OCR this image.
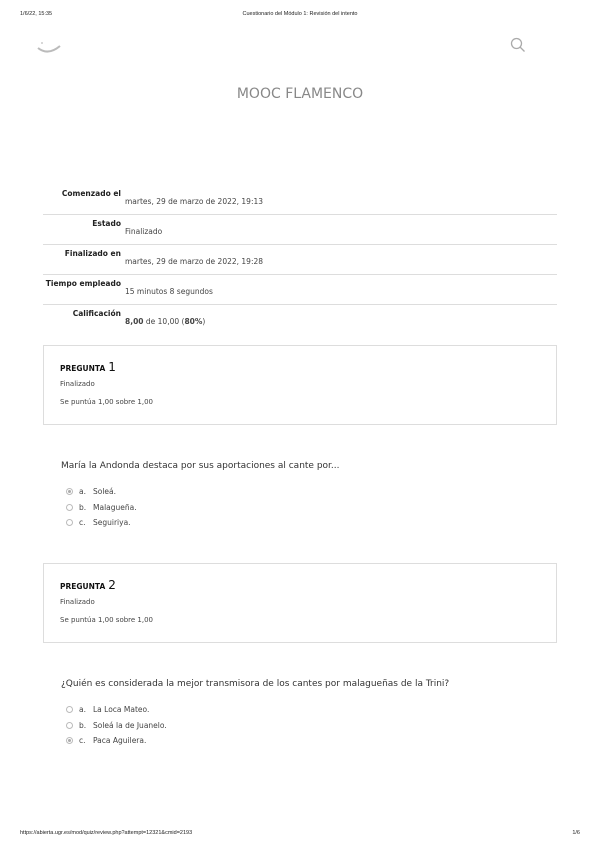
1/6/22, 15:35	Cuestionario del Módulo 1: Revisión del intento
MOOC FLAMENCO
Comenzado el
martes, 29 de marzo de 2022, 19:13
Estado
Finalizado
Finalizado en
martes, 29 de marzo de 2022, 19:28
Tiempo empleado
15 minutos 8 segundos
Calificación
8,00 de 10,00 (80%)
PREGUNTA 1
Finalizado
Se puntúa 1,00 sobre 1,00
María la Andonda destaca por sus aportaciones al cante por...
a. Soleá.
b. Malagueña.
c. Seguiriya.
PREGUNTA 2
Finalizado
Se puntúa 1,00 sobre 1,00
¿Quién es considerada la mejor transmisora de los cantes por malagueñas de la Trini?
a. La Loca Mateo.
b. Soleá la de Juanelo.
c. Paca Aguilera.
https://abierta.ugr.es/mod/quiz/review.php?attempt=12321&cmid=2193	1/6
